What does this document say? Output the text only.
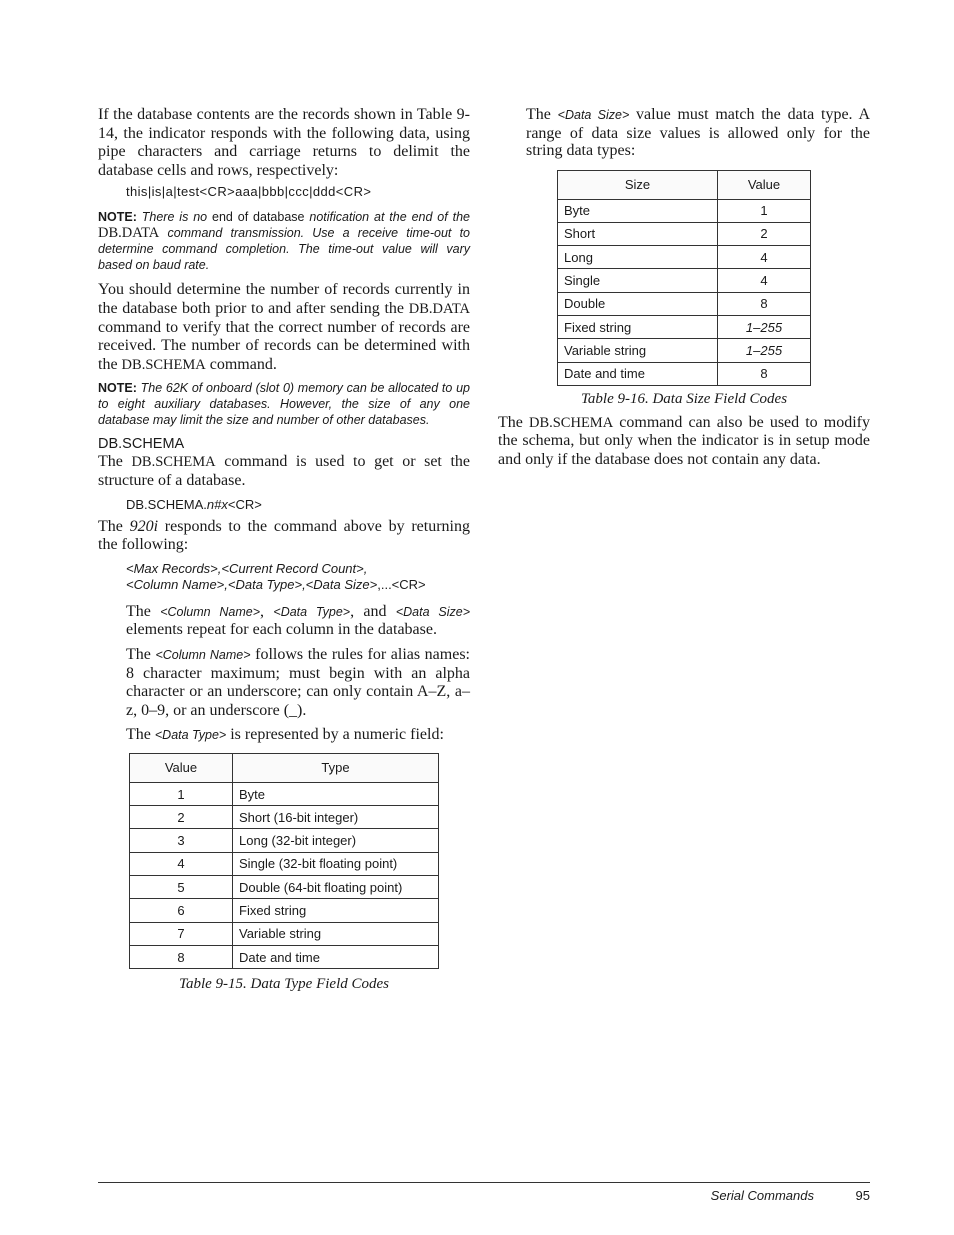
If the database contents are the records shown in Table 9-14, the indicator responds with the following data, using pipe characters and carriage returns to delimit the database cells and rows, respectively:

this|is|a|test<CR>aaa|bbb|ccc|ddd<CR>
NOTE: There is no end of database notification at the end of the DB.DATA command transmission. Use a receive time-out to determine command completion. The time-out value will vary based on baud rate.

You should determine the number of records currently in the database both prior to and after sending the DB.DATA command to verify that the correct number of records are received. The number of records can be determined with the DB.SCHEMA command.

NOTE: The 62K of onboard (slot 0) memory can be allocated to up to eight auxiliary databases. However, the size of any one database may limit the size and number of other databases.
DB.SCHEMA

The DB.SCHEMA command is used to get or set the structure of a database.

DB.SCHEMA.n#x<CR>

The 920i responds to the command above by returning the following:

<Max Records>,<Current Record Count>,
<Column Name>,<Data Type>,<Data Size>,...<CR>

The <Column Name>, <Data Type>, and <Data Size> elements repeat for each column in the database.

The <Column Name> follows the rules for alias names: 8 character maximum; must begin with an alpha character or an underscore; can only contain A–Z, a–z, 0–9, or an underscore (_).

The <Data Type> is represented by a numeric field:

Value	Type
1	Byte
2	Short (16-bit integer)
3	Long (32-bit integer)
4	Single (32-bit floating point)
5	Double (64-bit floating point)
6	Fixed string
7	Variable string
8	Date and time
Table 9-15. Data Type Field Codes

The <Data Size> value must match the data type. A range of data size values is allowed only for the string data types:

Size	Value
Byte	1
Short	2
Long	4
Single	4
Double	8
Fixed string	1–255
Variable string	1–255
Date and time	8
Table 9-16. Data Size Field Codes

The DB.SCHEMA command can also be used to modify the schema, but only when the indicator is in setup mode and only if the database does not contain any data.

Serial Commands	95
